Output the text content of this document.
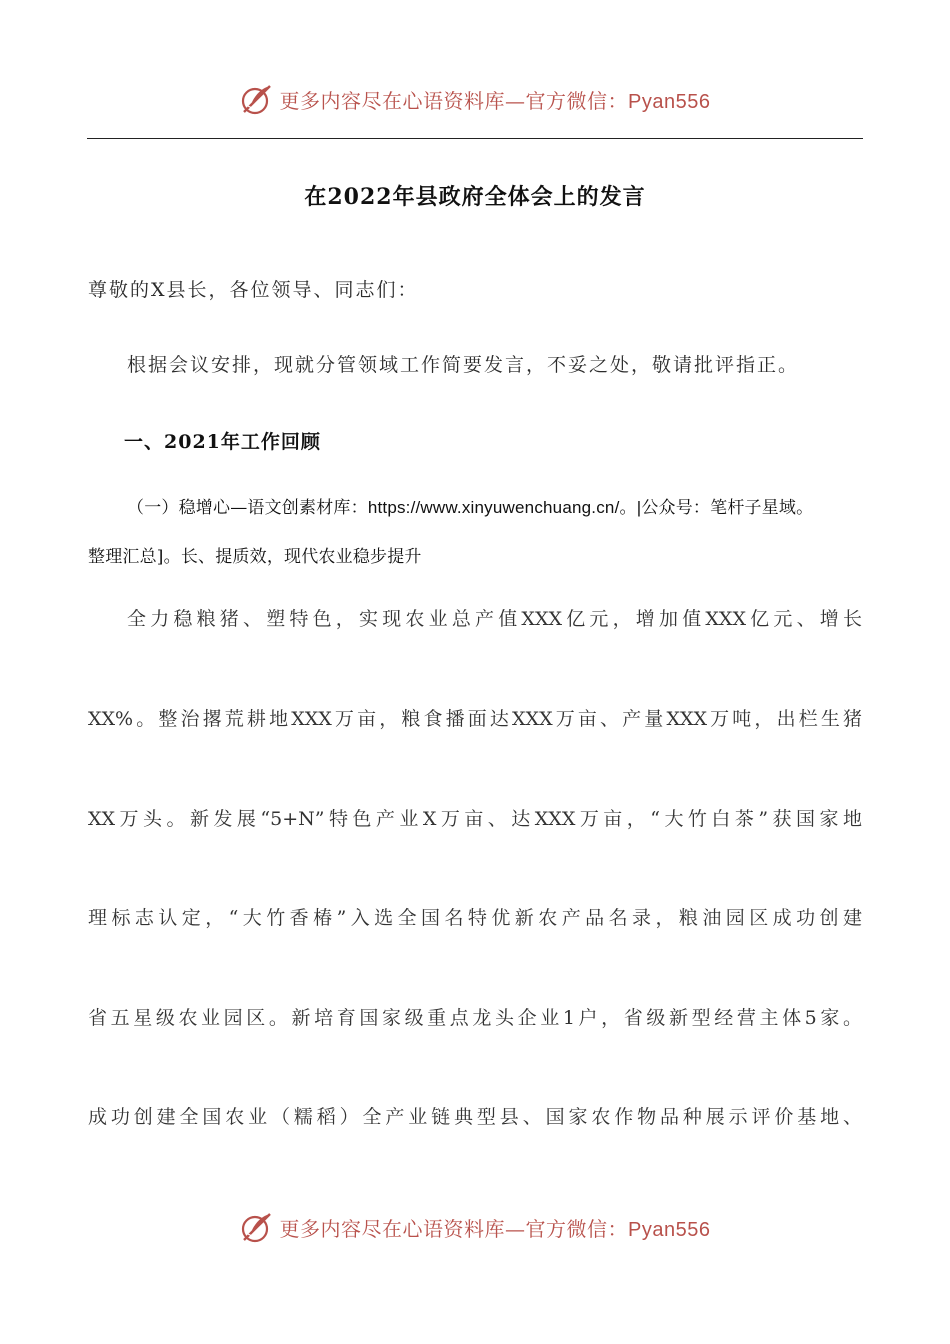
更多内容尽在心语资料库—官方微信：Pyan556
在2022年县政府全体会上的发言
尊敬的X县长，各位领导、同志们：
根据会议安排，现就分管领域工作简要发言，不妥之处，敬请批评指正。
一、2021年工作回顾
（一）稳增心—语文创素材库：https://www.xinyuwenchuang.cn/。|公众号：笔杆子星域。
整理汇总]。长、提质效，现代农业稳步提升
全力稳粮猪、塑特色，实现农业总产值XXX亿元，增加值XXX亿元、增长
XX%。整治撂荒耕地XXX万亩，粮食播面达XXX万亩、产量XXX万吨，出栏生猪
XX万头。新发展“5+N”特色产业X万亩、达XXX万亩，“大竹白茶”获国家地
理标志认定，“大竹香椿”入选全国名特优新农产品名录，粮油园区成功创建
省五星级农业园区。新培育国家级重点龙头企业1户，省级新型经营主体5家。
成功创建全国农业（糯稻）全产业链典型县、国家农作物品种展示评价基地、
更多内容尽在心语资料库—官方微信：Pyan556
